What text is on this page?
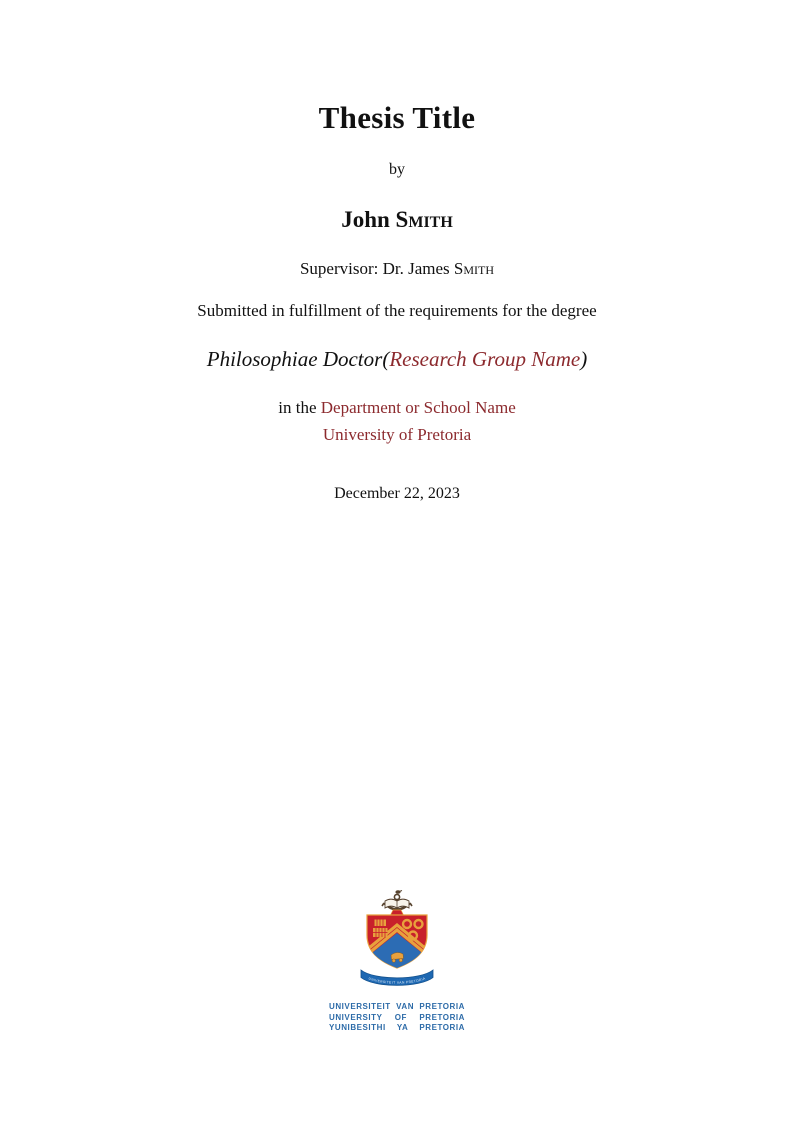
Thesis Title
by
John Smith
Supervisor: Dr. James Smith
Submitted in fulfillment of the requirements for the degree
Philosophiae Doctor(Research Group Name)
in the Department or School Name
University of Pretoria
December 22, 2023
UNIVERSITEIT VAN PRETORIA
UNIVERSITEIT VAN PRETORIA
UNIVERSITY OF PRETORIA
YUNIBESITHI YA PRETORIA
